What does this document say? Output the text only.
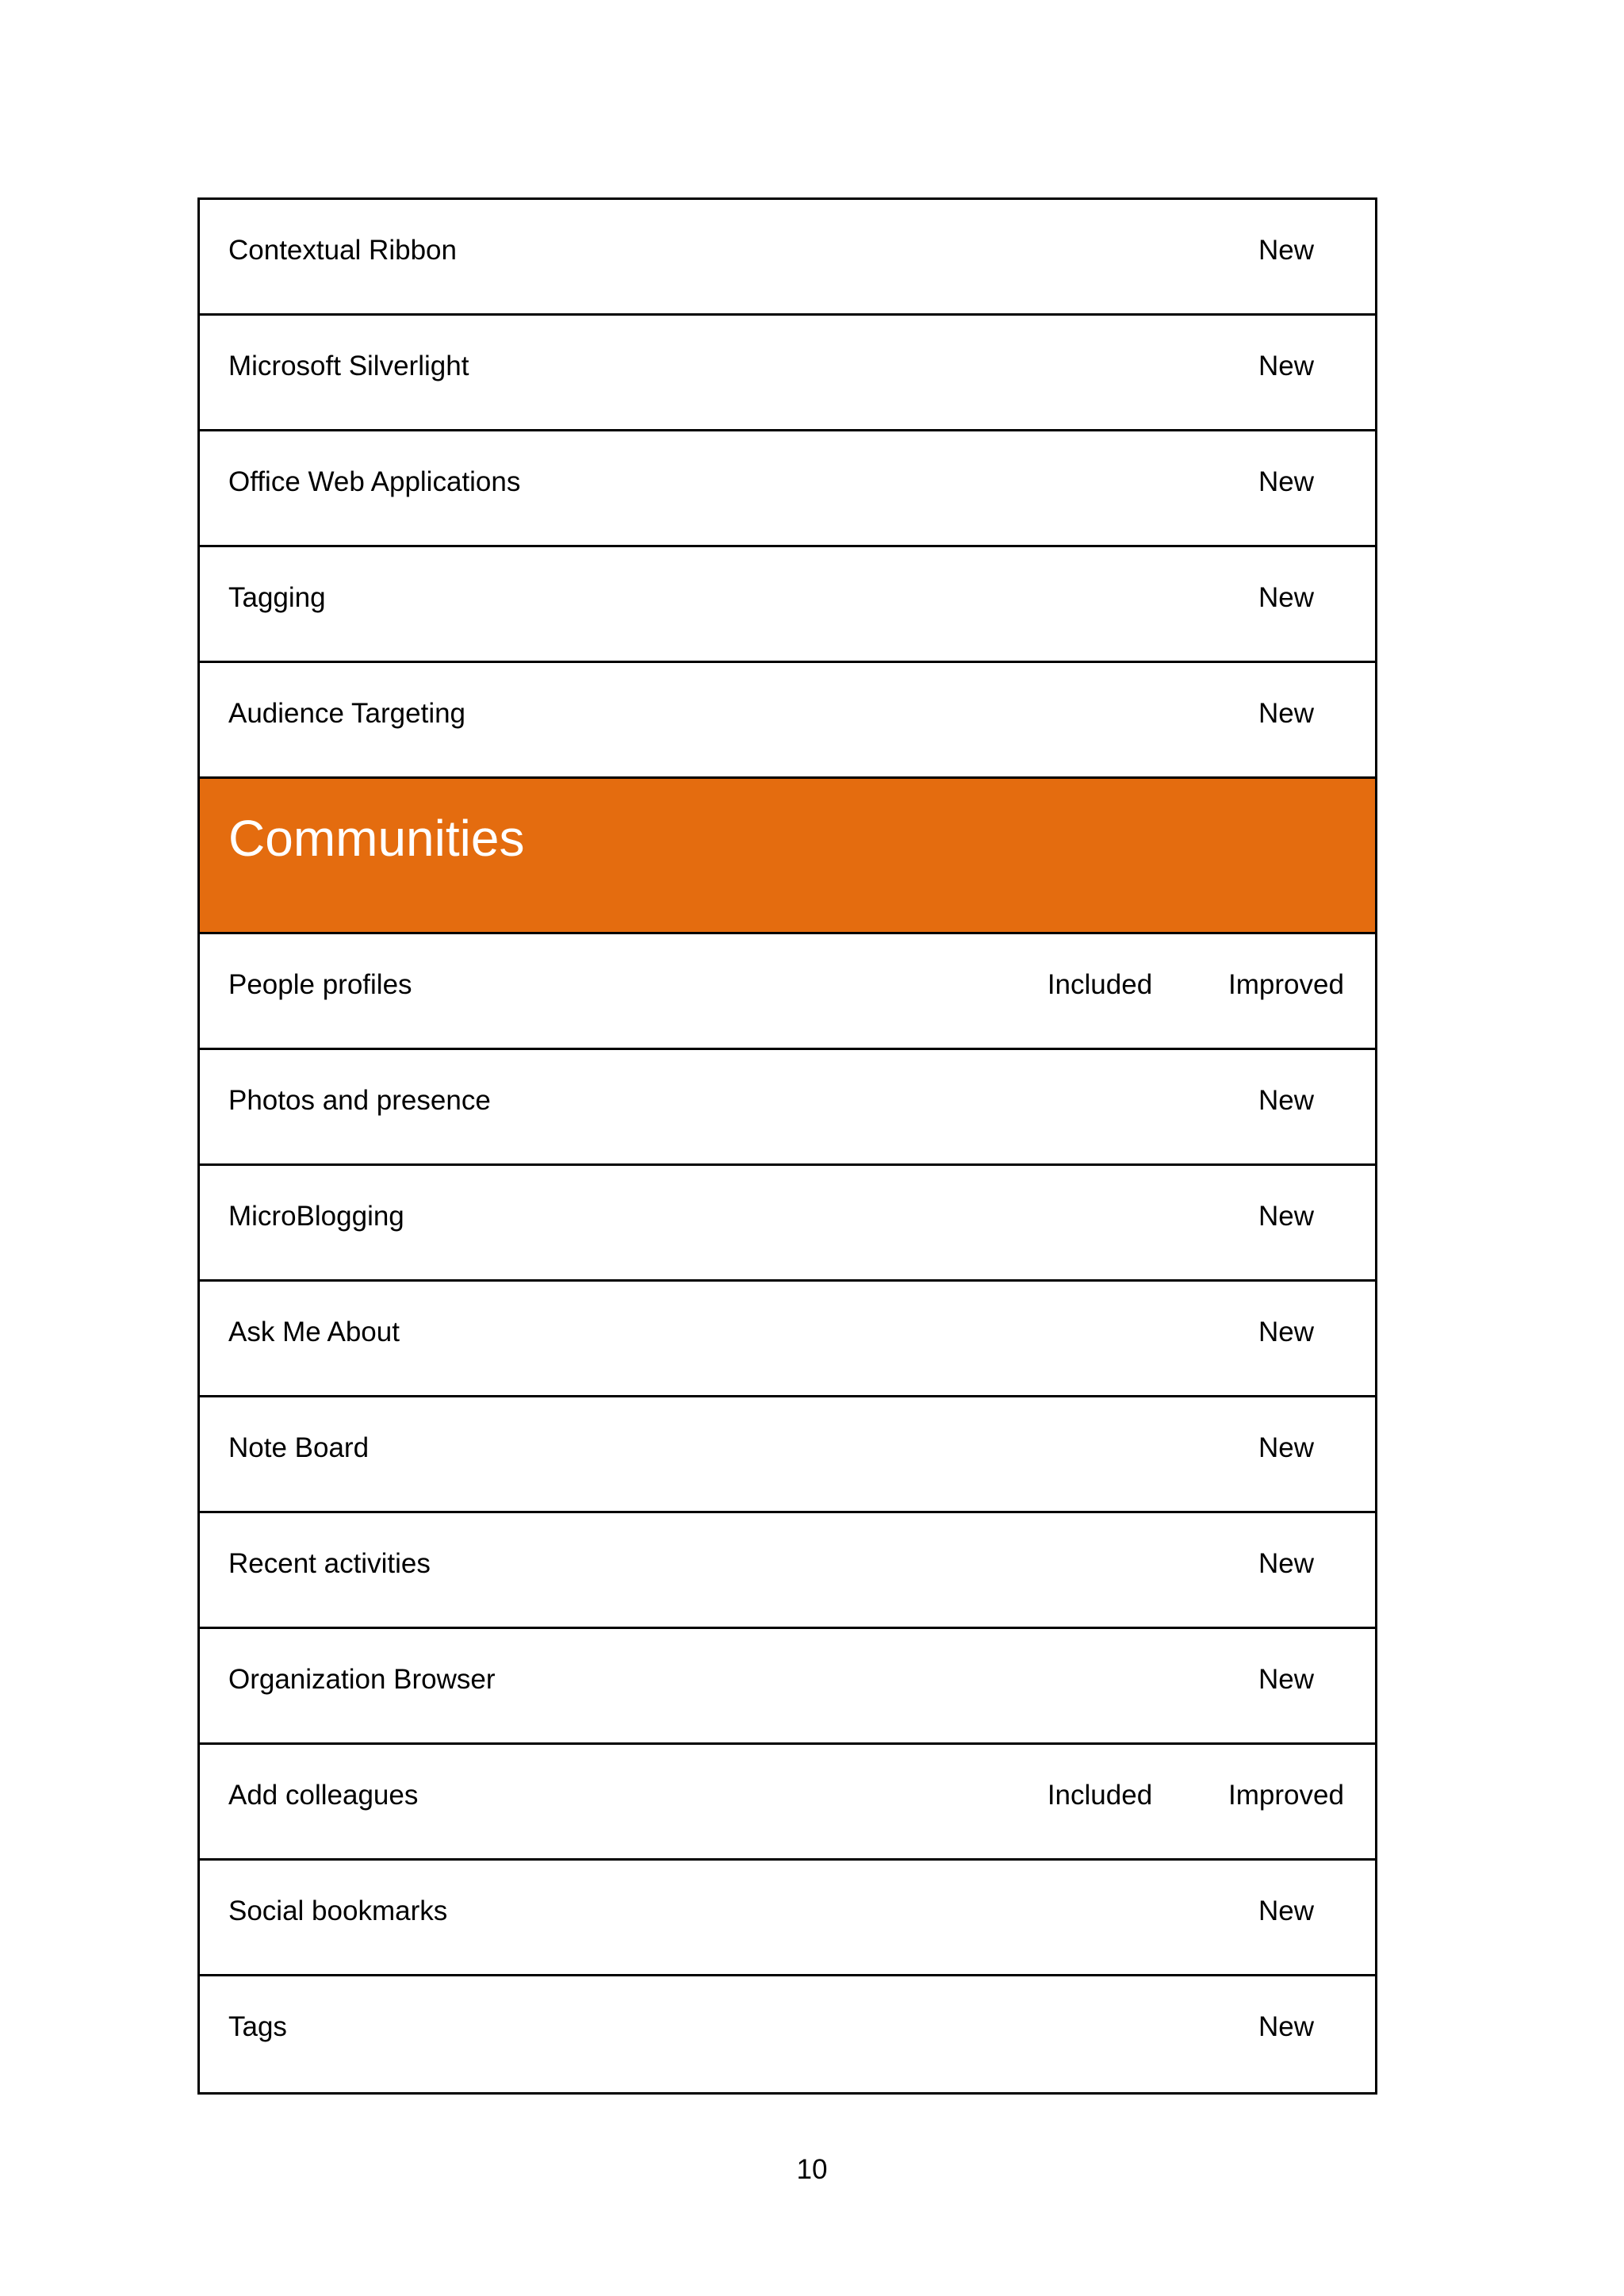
Contextual Ribbon	New
Microsoft Silverlight	New
Office Web Applications	New
Tagging	New
Audience Targeting	New
Communities
People profiles	Included	Improved
Photos and presence	New
MicroBlogging	New
Ask Me About	New
Note Board	New
Recent activities	New
Organization Browser	New
Add colleagues	Included	Improved
Social bookmarks	New
Tags	New
10
